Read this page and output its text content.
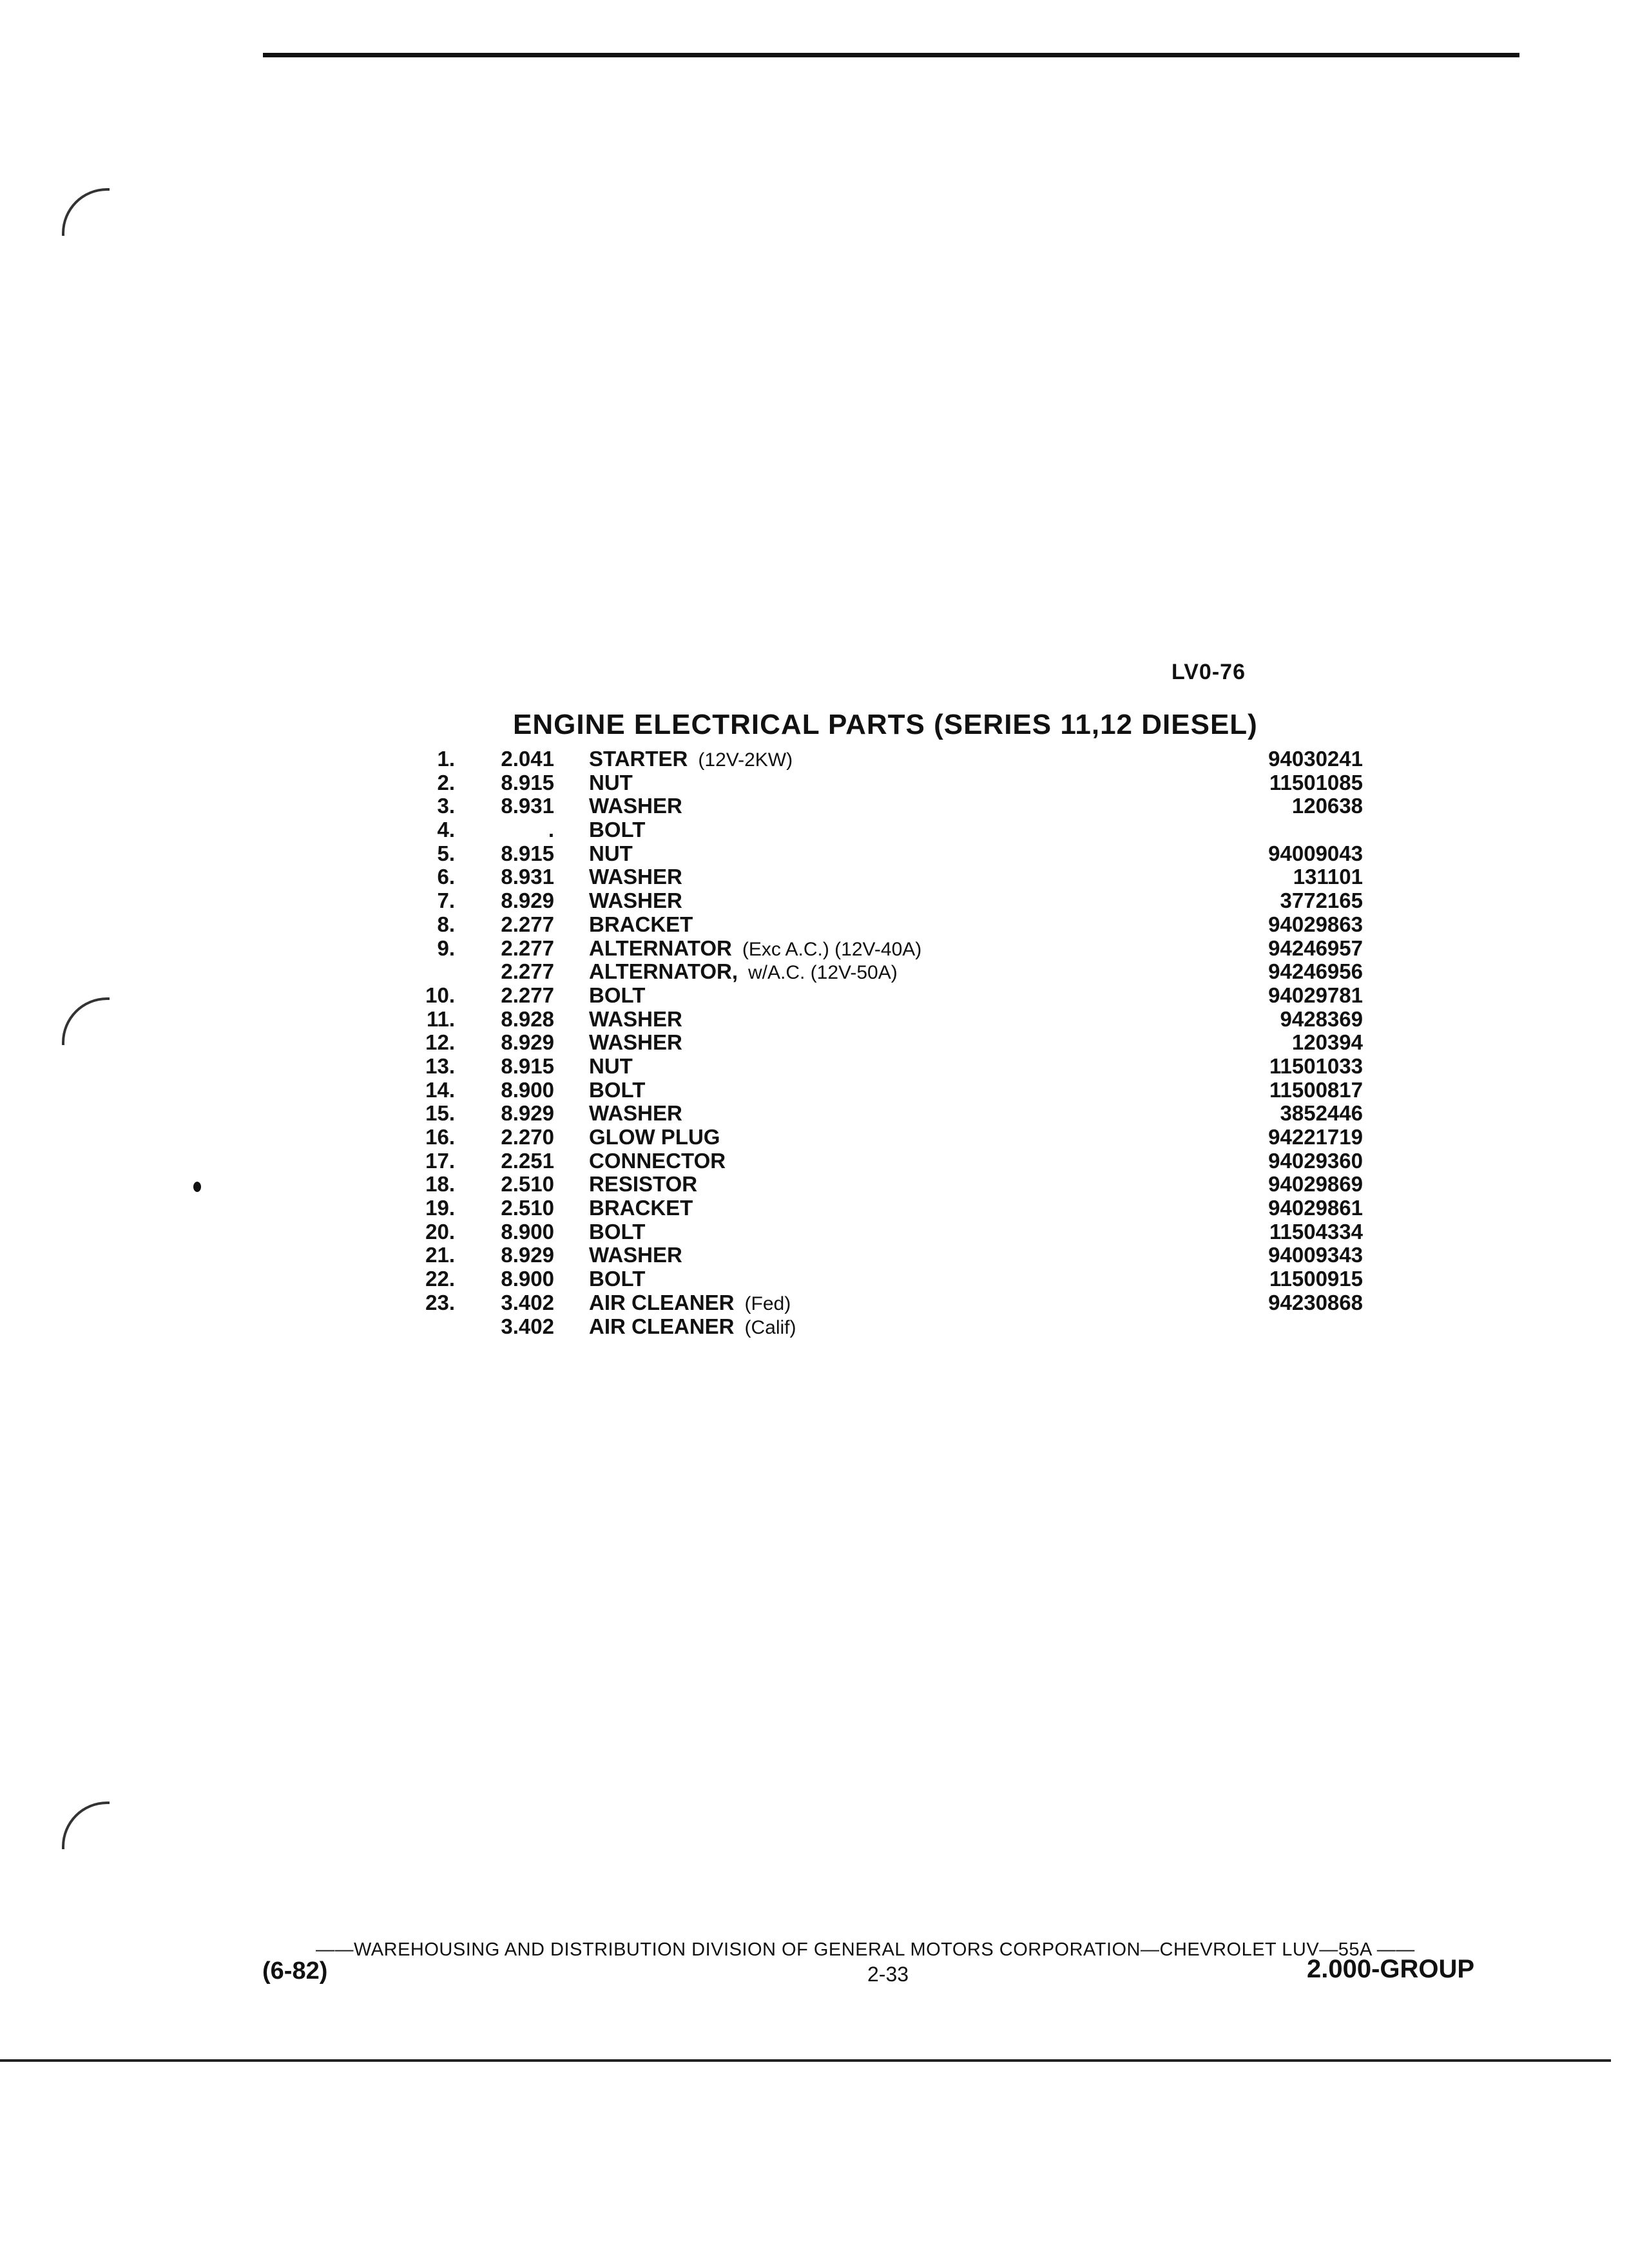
LV0-76
ENGINE ELECTRICAL PARTS (SERIES 11,12 DIESEL)
1.	2.041 STARTER (12V-2KW)	94030241
2.	8.915 NUT	11501085
3.	8.931 WASHER	120638
4.	. BOLT
5.	8.915 NUT	94009043
6.	8.931 WASHER	131101
7.	8.929 WASHER	3772165
8.	2.277 BRACKET	94029863
9.	2.277 ALTERNATOR (Exc A.C.) (12V-40A)	94246957
2.277 ALTERNATOR, w/A.C. (12V-50A)	94246956
10.	2.277 BOLT	94029781
11.	8.928 WASHER	9428369
12.	8.929 WASHER	120394
13.	8.915 NUT	11501033
14.	8.900 BOLT	11500817
15.	8.929 WASHER	3852446
16.	2.270 GLOW PLUG	94221719
17.	2.251 CONNECTOR	94029360
18.	2.510 RESISTOR	94029869
19.	2.510 BRACKET	94029861
20.	8.900 BOLT	11504334
21.	8.929 WASHER	94009343
22.	8.900 BOLT	11500915
23.	3.402 AIR CLEANER (Fed)	94230868
3.402 AIR CLEANER (Calif)
——WAREHOUSING AND DISTRIBUTION DIVISION OF GENERAL MOTORS CORPORATION—CHEVROLET LUV—55A ——
(6-82)	2-33	2.000-GROUP
